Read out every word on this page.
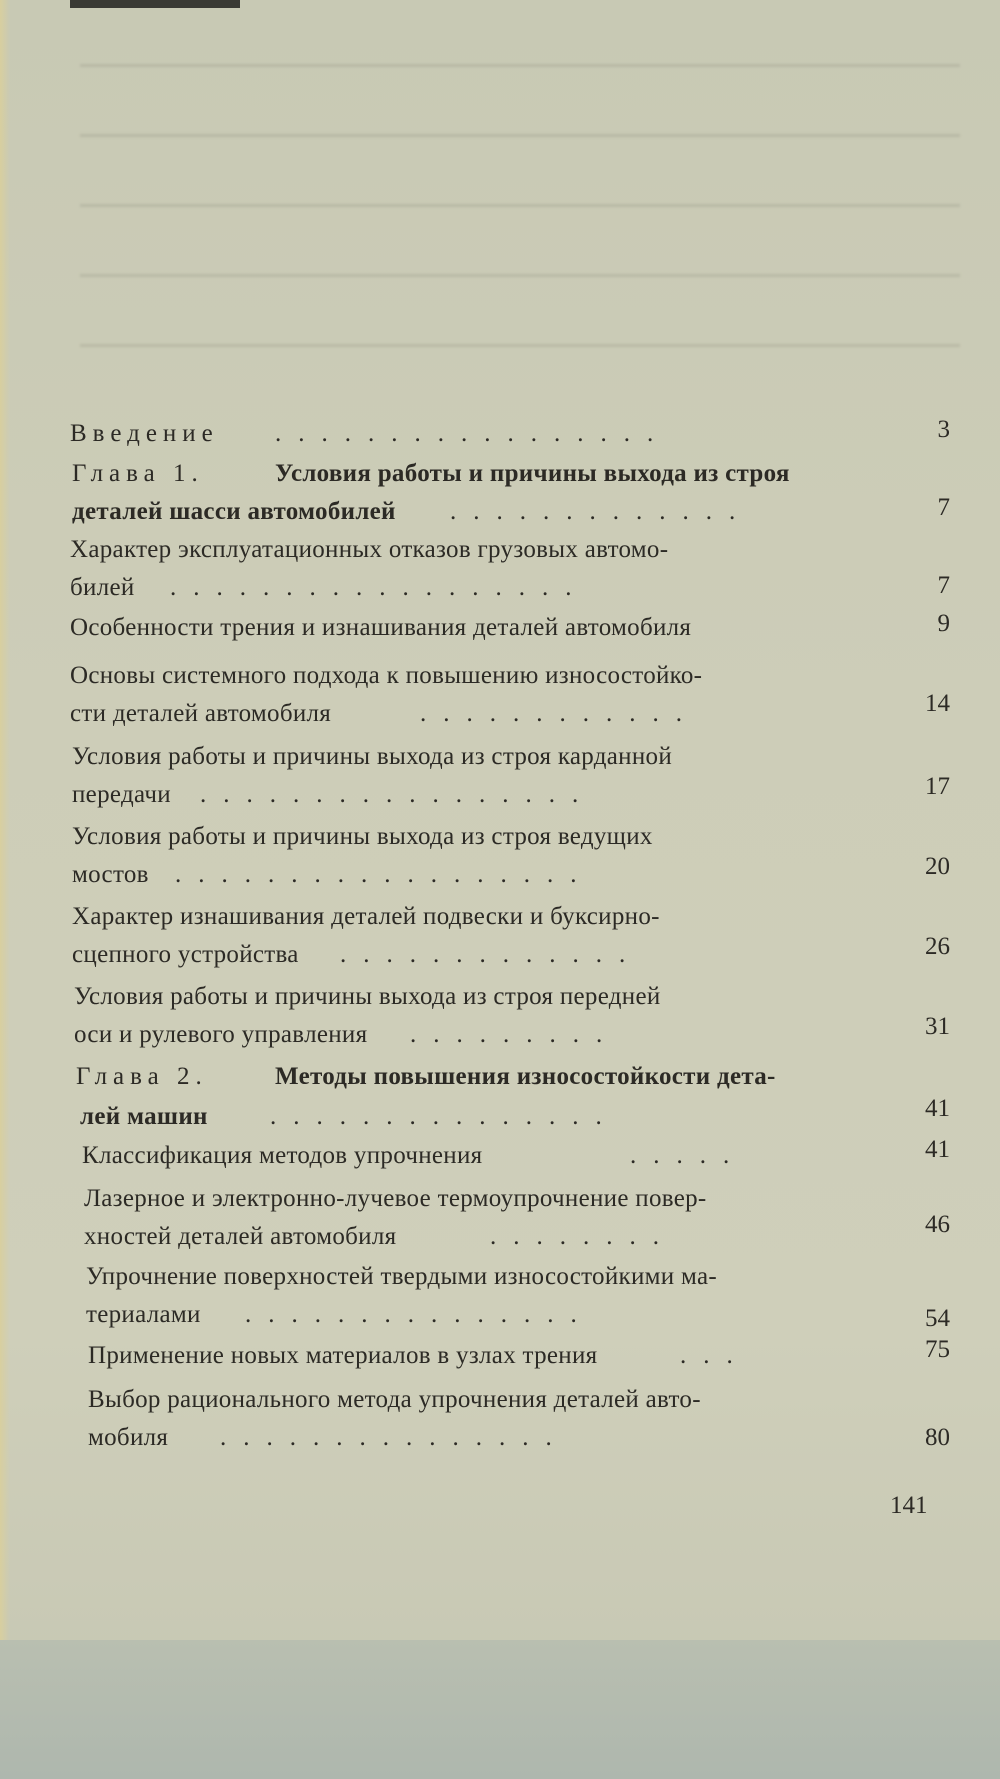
Введение .................	3
Глава 1.	Условия работы и причины выхода из строя
деталей шасси автомобилей .............	7
Характер эксплуатационных отказов грузовых автомо-
билей ..................	7
Особенности трения и изнашивания деталей автомобиля	9
Основы системного подхода к повышению износостойко-
сти деталей автомобиля	............	14
Условия работы и причины выхода из строя карданной
передачи .................	17
Условия работы и причины выхода из строя ведущих
мостов ..................	20
Характер изнашивания деталей подвески и буксирно-
сцепного устройства .............	26
Условия работы и причины выхода из строя передней
оси и рулевого управления .........	31
Глава 2.	Методы повышения износостойкости дета-
лей машин ...............	41
Классификация методов упрочнения	.....	41
Лазерное и электронно-лучевое термоупрочнение повер-
хностей деталей автомобиля	........	46
Упрочнение поверхностей твердыми износостойкими ма-
териалами ...............	54
Применение новых материалов в узлах трения	...	75
Выбор рационального метода упрочнения деталей авто-
мобиля ...............	80
141
